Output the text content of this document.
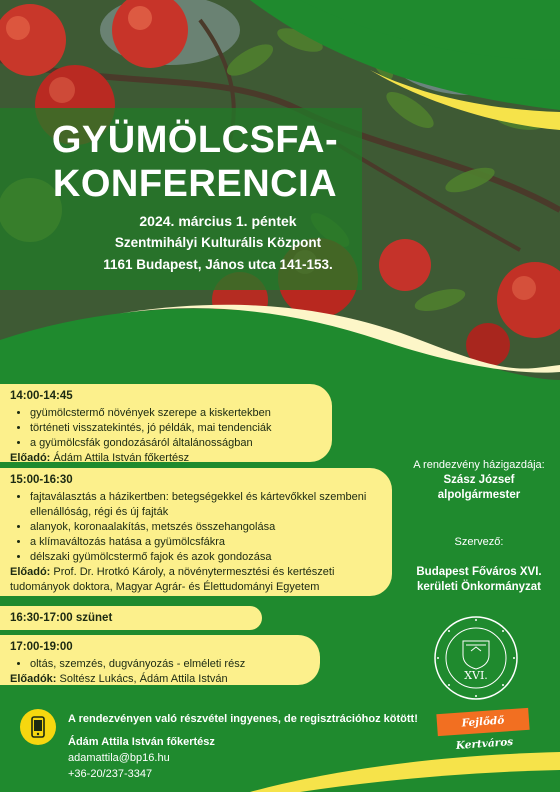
GYÜMÖLCSFA-
KONFERENCIA
2024. március 1. péntek
Szentmihályi Kulturális Központ
1161 Budapest, János utca 141-153.
14:00-14:45
• gyümölcstermő növények szerepe a kiskertekben
• történeti visszatekintés, jó példák, mai tendenciák
• a gyümölcsfák gondozásáról általánosságban
Előadó: Ádám Attila István főkertész
15:00-16:30
• fajtaválasztás a házikertben: betegségekkel és kártevőkkel szembeni ellenállóság, régi és új fajták
• alanyok, koronaalakítás, metszés összehangolása
• a klímaváltozás hatása a gyümölcsfákra
• délszaki gyümölcstermő fajok és azok gondozása
Előadó: Prof. Dr. Hrotkó Károly, a növénytermesztési és kertészeti tudományok doktora, Magyar Agrár- és Élettudományi Egyetem
16:30-17:00 szünet
17:00-19:00
• oltás, szemzés, dugványozás - elméleti rész
Előadók: Soltész Lukács, Ádám Attila István
A rendezvény házigazdája:
Szász József alpolgármester
Szervező:

Budapest Főváros XVI. kerületi Önkormányzat
XVI.
A rendezvényen való részvétel ingyenes, de regisztrációhoz kötött!
Ádám Attila István főkertész
adamattila@bp16.hu
+36-20/237-3347
Fejlődő Kertváros
